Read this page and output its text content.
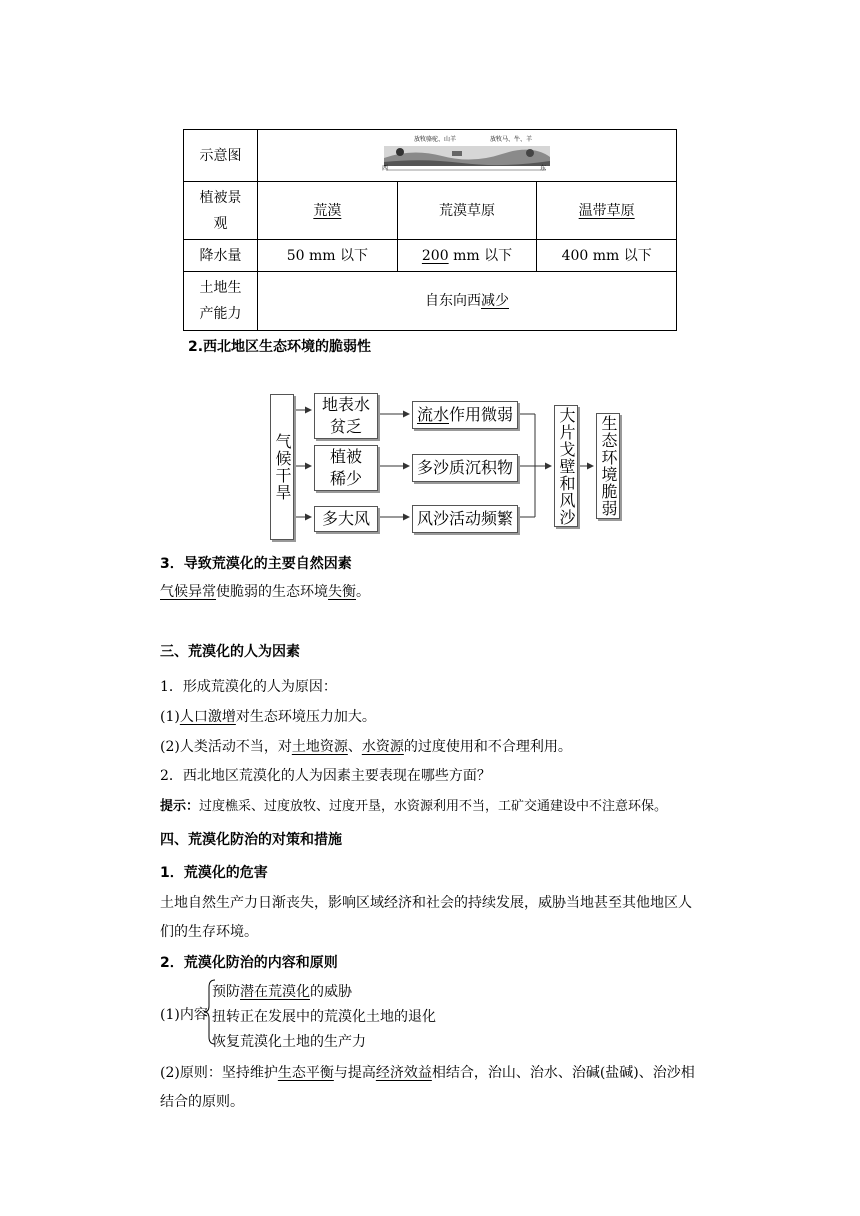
示意图	放牧骆驼、山羊 放牧马、牛、羊
西 东		

植被景
观	荒漠	荒漠草原	温带草原
降水量	50 mm 以下	200 mm 以下	400 mm 以下
土地生
产能力	自东向西减少		
2.西北地区生态环境的脆弱性
气候干旱
地表水
贫乏
植被
稀少
多大风
流水作用微弱
多沙质沉积物
风沙活动频繁	大片戈壁和风沙 生态环境脆弱
3．导致荒漠化的主要自然因素
气候异常使脆弱的生态环境失衡。
三、荒漠化的人为因素
1．形成荒漠化的人为原因：
(1)人口激增对生态环境压力加大。
(2)人类活动不当，对土地资源、水资源的过度使用和不合理利用。
2．西北地区荒漠化的人为因素主要表现在哪些方面？
提示：过度樵采、过度放牧、过度开垦，水资源利用不当，工矿交通建设中不注意环保。
四、荒漠化防治的对策和措施
1．荒漠化的危害
土地自然生产力日渐丧失，影响区域经济和社会的持续发展，威胁当地甚至其他地区人
们的生存环境。
2．荒漠化防治的内容和原则
(1)内容
预防潜在荒漠化的威胁
扭转正在发展中的荒漠化土地的退化
恢复荒漠化土地的生产力
(2)原则：坚持维护生态平衡与提高经济效益相结合，治山、治水、治碱(盐碱)、治沙相
结合的原则。
